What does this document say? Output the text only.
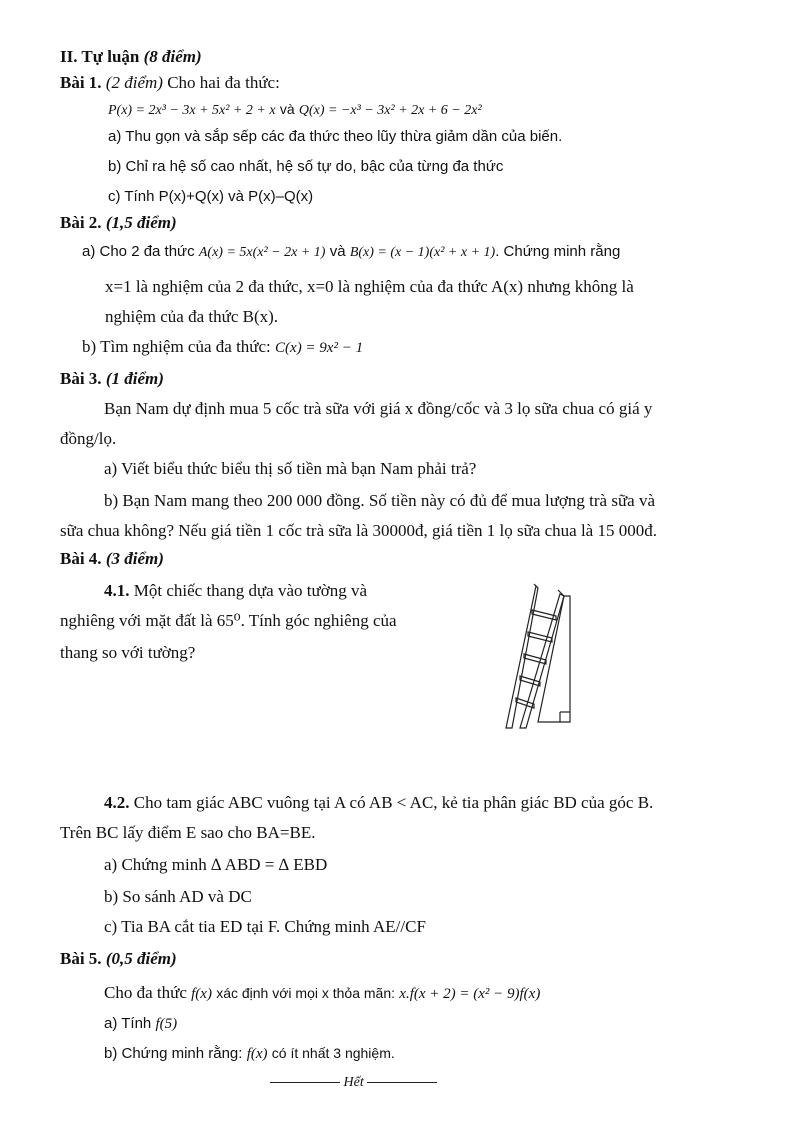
II. Tự luận (8 điểm)
Bài 1. (2 điểm) Cho hai đa thức:
P(x) = 2x³ − 3x + 5x² + 2 + x và Q(x) = −x³ − 3x² + 2x + 6 − 2x²
a) Thu gọn và sắp sếp các đa thức theo lũy thừa giảm dần của biến.
b) Chỉ ra hệ số cao nhất, hệ số tự do, bậc của từng đa thức
c) Tính P(x)+Q(x) và P(x)–Q(x)
Bài 2. (1,5 điểm)
a) Cho 2 đa thức A(x) = 5x(x² − 2x + 1) và B(x) = (x − 1)(x² + x + 1). Chứng minh rằng
x=1 là nghiệm của 2 đa thức, x=0 là nghiệm của đa thức A(x) nhưng không là
nghiệm của đa thức B(x).
b) Tìm nghiệm của đa thức: C(x) = 9x² − 1
Bài 3. (1 điểm)
Bạn Nam dự định mua 5 cốc trà sữa với giá x đồng/cốc và 3 lọ sữa chua có giá y
đồng/lọ.
a) Viết biểu thức biểu thị số tiền mà bạn Nam phải trả?
b) Bạn Nam mang theo 200 000 đồng. Số tiền này có đủ để mua lượng trà sữa và
sữa chua không? Nếu giá tiền 1 cốc trà sữa là 30000đ, giá tiền 1 lọ sữa chua là 15 000đ.
Bài 4. (3 điểm)
4.1. Một chiếc thang dựa vào tường và
nghiêng với mặt đất là 65⁰. Tính góc nghiêng của
thang so với tường?
4.2. Cho tam giác ABC vuông tại A có AB < AC, kẻ tia phân giác BD của góc B.
Trên BC lấy điểm E sao cho BA=BE.
a) Chứng minh ∆ ABD = ∆ EBD
b) So sánh AD và DC
c) Tia BA cắt tia ED tại F. Chứng minh AE//CF
Bài 5. (0,5 điểm)
Cho đa thức f(x) xác định với mọi x thỏa mãn: x.f(x + 2) = (x² − 9)f(x)
a) Tính f(5)
b) Chứng minh rằng: f(x) có ít nhất 3 nghiệm.
Hết
